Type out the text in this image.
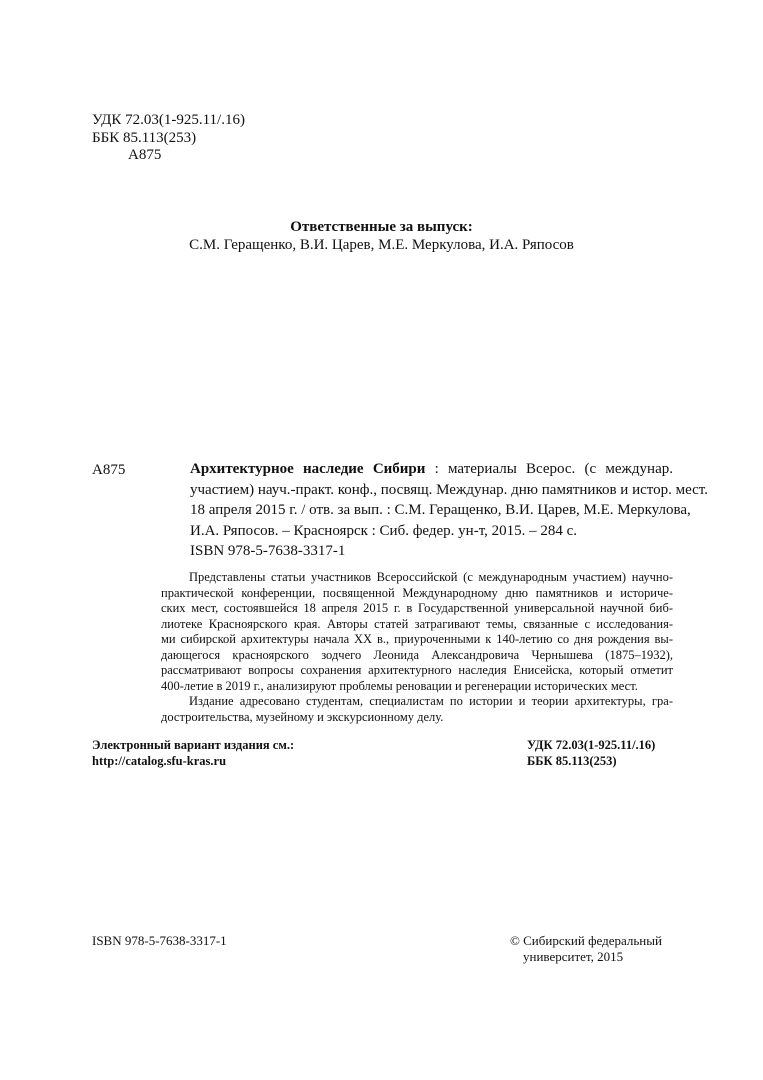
УДК 72.03(1-925.11/.16)
ББК 85.113(253)
А875
Ответственные за выпуск:
С.М. Геращенко, В.И. Царев, М.Е. Меркулова, И.А. Ряпосов
А875	Архитектурное наследие Сибири : материалы Всерос. (с междунар.

участием) науч.-практ. конф., посвящ. Междунар. дню памятников и истор. мест.

18 апреля 2015 г. / отв. за вып. : С.М. Геращенко, В.И. Царев, М.Е. Меркулова,

И.А. Ряпосов. – Красноярск : Сиб. федер. ун-т, 2015. – 284 с.

ISBN 978-5-7638-3317-1

Представлены статьи участников Всероссийской (с международным участием) научно-

практической конференции, посвященной Международному дню памятников и историче-

ских мест, состоявшейся 18 апреля 2015 г. в Государственной универсальной научной биб-

лиотеке Красноярского края. Авторы статей затрагивают темы, связанные с исследования-

ми сибирской архитектуры начала XX в., приуроченными к 140-летию со дня рождения вы-

дающегося красноярского зодчего Леонида Александровича Чернышева (1875–1932),

рассматривают вопросы сохранения архитектурного наследия Енисейска, который отметит

400-летие в 2019 г., анализируют проблемы реновации и регенерации исторических мест.

Издание адресовано студентам, специалистам по истории и теории архитектуры, гра-

достроительства, музейному и экскурсионному делу.

Электронный вариант издания см.:
http://catalog.sfu-kras.ru
УДК 72.03(1-925.11/.16)
ББК 85.113(253)
ISBN 978-5-7638-3317-1	© Сибирский федеральный
университет, 2015
